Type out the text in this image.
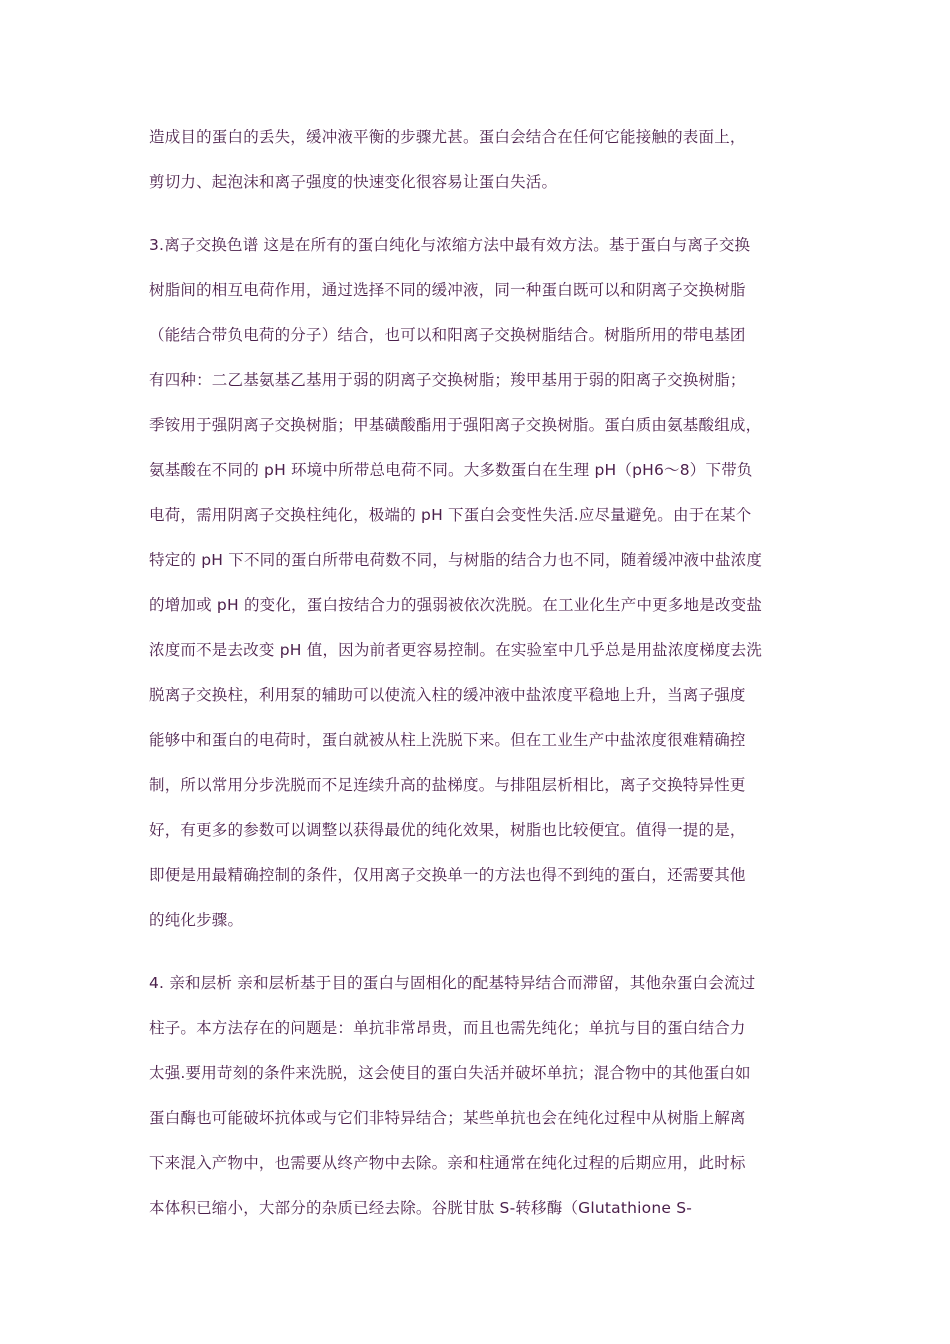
造成目的蛋白的丢失，缓冲液平衡的步骤尤甚。蛋白会结合在任何它能接触的表面上，
剪切力、起泡沫和离子强度的快速变化很容易让蛋白失活。
3.离子交换色谱 这是在所有的蛋白纯化与浓缩方法中最有效方法。基于蛋白与离子交换
树脂间的相互电荷作用，通过选择不同的缓冲液，同一种蛋白既可以和阴离子交换树脂
（能结合带负电荷的分子）结合，也可以和阳离子交换树脂结合。树脂所用的带电基团
有四种：二乙基氨基乙基用于弱的阴离子交换树脂；羧甲基用于弱的阳离子交换树脂；
季铵用于强阴离子交换树脂；甲基磺酸酯用于强阳离子交换树脂。蛋白质由氨基酸组成，
氨基酸在不同的 pH 环境中所带总电荷不同。大多数蛋白在生理 pH（pH6～8）下带负
电荷，需用阴离子交换柱纯化，极端的 pH 下蛋白会变性失活.应尽量避免。由于在某个
特定的 pH 下不同的蛋白所带电荷数不同，与树脂的结合力也不同，随着缓冲液中盐浓度
的增加或 pH 的变化，蛋白按结合力的强弱被依次洗脱。在工业化生产中更多地是改变盐
浓度而不是去改变 pH 值，因为前者更容易控制。在实验室中几乎总是用盐浓度梯度去洗
脱离子交换柱，利用泵的辅助可以使流入柱的缓冲液中盐浓度平稳地上升，当离子强度
能够中和蛋白的电荷时，蛋白就被从柱上洗脱下来。但在工业生产中盐浓度很难精确控
制，所以常用分步洗脱而不足连续升高的盐梯度。与排阻层析相比，离子交换特异性更
好，有更多的参数可以调整以获得最优的纯化效果，树脂也比较便宜。值得一提的是，
即便是用最精确控制的条件，仅用离子交换单一的方法也得不到纯的蛋白，还需要其他
的纯化步骤。
4. 亲和层析 亲和层析基于目的蛋白与固相化的配基特异结合而滞留，其他杂蛋白会流过
柱子。本方法存在的问题是：单抗非常昂贵，而且也需先纯化；单抗与目的蛋白结合力
太强.要用苛刻的条件来洗脱，这会使目的蛋白失活并破坏单抗；混合物中的其他蛋白如
蛋白酶也可能破坏抗体或与它们非特异结合；某些单抗也会在纯化过程中从树脂上解离
下来混入产物中，也需要从终产物中去除。亲和柱通常在纯化过程的后期应用，此时标
本体积已缩小，大部分的杂质已经去除。谷胱甘肽 S-转移酶（Glutathione S-
